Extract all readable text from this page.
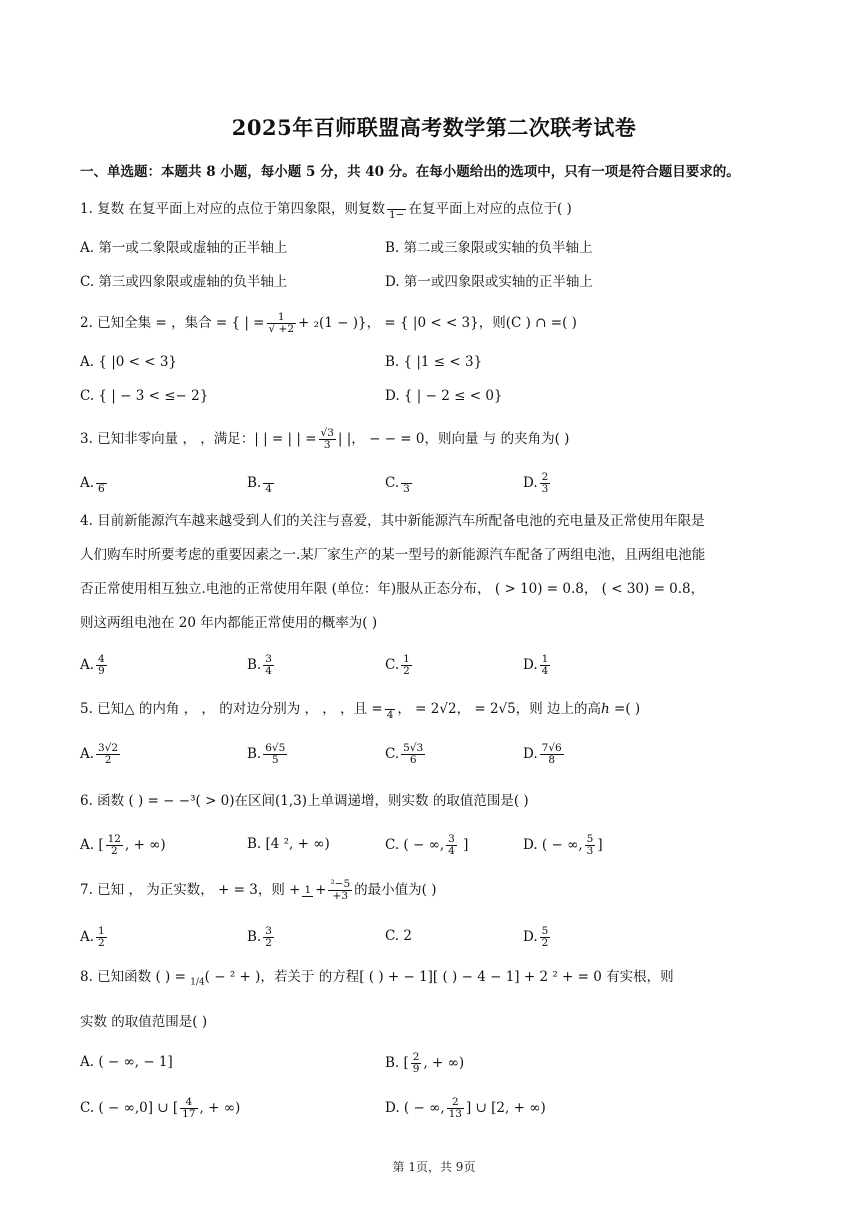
2025年百师联盟高考数学第二次联考试卷
一、单选题：本题共 8 小题，每小题 5 分，共 40 分。在每小题给出的选项中，只有一项是符合题目要求的。
1. 复数 在复平面上对应的点位于第四象限，则复数
1− 在复平面上对应的点位于( )
A. 第一或二象限或虚轴的正半轴上	B. 第二或三象限或实轴的负半轴上
C. 第三或四象限或虚轴的负半轴上	D. 第一或四象限或实轴的正半轴上
2. 已知全集 = ，集合 = { | = $\frac{1}{√ +2} + _2(1$ − )}， = { |0 < < 3}，则(C ) ∩ =( )
A. { |0 < < 3}	B. { |1 ≤ < 3}
C. { | − 3 < ≤− 2}	D. { | − 2 ≤ < 0}
3. 已知非零向量 ， ，满足：| | = | | = $\frac{√3}{3}$ | |， − − = 0，则向量 与 的夹角为( )
A.
6	B.
4	C.
3	D. $\frac{2}{3}$
4. 目前新能源汽车越来越受到人们的关注与喜爱，其中新能源汽车所配备电池的充电量及正常使用年限是
人们购车时所要考虑的重要因素之一.某厂家生产的某一型号的新能源汽车配备了两组电池，且两组电池能
否正常使用相互独立.电池的正常使用年限 (单位：年)服从正态分布， ( > 10) = 0.8， ( < 30) = 0.8，
则这两组电池在 20 年内都能正常使用的概率为( )
A. $\frac{4}{9}$	B. $\frac{3}{4}$	C. $\frac{1}{2}$	D. $\frac{1}{4}$
5. 已知△ 的内角 ， ， 的对边分别为 ， ， ，且 =
4 ， = 2√2， = 2√5，则 边上的高ℎ =( )
A. $\frac{3√2}{2}$	B. $\frac{6√5}{5}$	C. $\frac{5√3}{6}$	D. $\frac{7√6}{8}$
6. 函数 ( ) = − −³( > 0)在区间(1,3)上单调递增，则实数 的取值范围是( )
A. [ $\frac{12}{2}$ , + ∞)	B. [4 ², + ∞)	C. ( − ∞, $\frac{3}{4}$ ]	D. ( − ∞, $\frac{5}{3}$ ]
7. 已知 ， 为正实数， + = 3，则 + $1 + \frac{\text{²−5}}{+3}$ 的最小值为( )
A. $\frac{1}{2}$	B. $\frac{3}{2}$	C. 2	D. $\frac{5}{2}$
8. 已知函数 ( ) = $_{1/4}$( − ² + )，若关于 的方程[ ( ) + − 1][ ( ) − 4 − 1] + 2 ² + = 0 有实根，则
实数 的取值范围是( )
A. ( − ∞, − 1]	B. [ $\frac{2}{9}$ , + ∞)
C. ( − ∞,0] ∪ [ $\frac{4}{17}$ , + ∞)	D. ( − ∞, $\frac{2}{13}$ ] ∪ [2, + ∞)
第 1页，共 9页
